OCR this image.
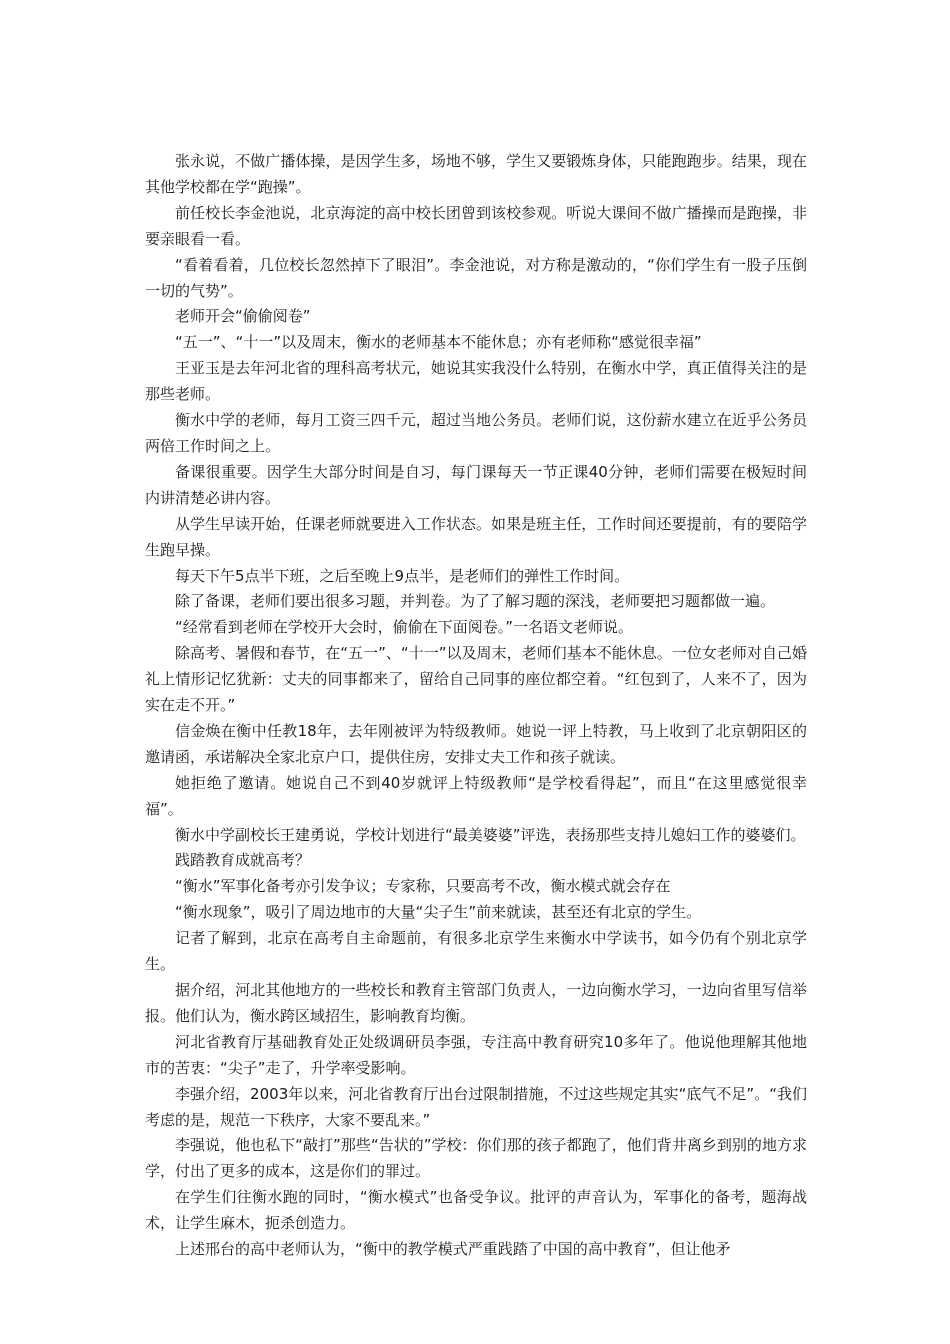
张永说，不做广播体操，是因学生多，场地不够，学生又要锻炼身体，只能跑跑步。结果，现在其他学校都在学“跑操”。

前任校长李金池说，北京海淀的高中校长团曾到该校参观。听说大课间不做广播操而是跑操，非要亲眼看一看。

“看着看着，几位校长忽然掉下了眼泪”。李金池说，对方称是激动的，“你们学生有一股子压倒一切的气势”。

老师开会“偷偷阅卷”

“五一”、“十一”以及周末，衡水的老师基本不能休息；亦有老师称“感觉很幸福”

王亚玉是去年河北省的理科高考状元，她说其实我没什么特别，在衡水中学，真正值得关注的是那些老师。

衡水中学的老师，每月工资三四千元，超过当地公务员。老师们说，这份薪水建立在近乎公务员两倍工作时间之上。

备课很重要。因学生大部分时间是自习，每门课每天一节正课40分钟，老师们需要在极短时间内讲清楚必讲内容。

从学生早读开始，任课老师就要进入工作状态。如果是班主任，工作时间还要提前，有的要陪学生跑早操。

每天下午5点半下班，之后至晚上9点半，是老师们的弹性工作时间。

除了备课，老师们要出很多习题，并判卷。为了了解习题的深浅，老师要把习题都做一遍。

“经常看到老师在学校开大会时，偷偷在下面阅卷。”一名语文老师说。

除高考、暑假和春节，在“五一”、“十一”以及周末，老师们基本不能休息。一位女老师对自己婚礼上情形记忆犹新：丈夫的同事都来了，留给自己同事的座位都空着。“红包到了，人来不了，因为实在走不开。”

信金焕在衡中任教18年，去年刚被评为特级教师。她说一评上特教，马上收到了北京朝阳区的邀请函，承诺解决全家北京户口，提供住房，安排丈夫工作和孩子就读。

她拒绝了邀请。她说自己不到40岁就评上特级教师“是学校看得起”，而且“在这里感觉很幸福”。

衡水中学副校长王建勇说，学校计划进行“最美婆婆”评选，表扬那些支持儿媳妇工作的婆婆们。

践踏教育成就高考？

“衡水”军事化备考亦引发争议；专家称，只要高考不改，衡水模式就会存在

“衡水现象”，吸引了周边地市的大量“尖子生”前来就读，甚至还有北京的学生。

记者了解到，北京在高考自主命题前，有很多北京学生来衡水中学读书，如今仍有个别北京学生。

据介绍，河北其他地方的一些校长和教育主管部门负责人，一边向衡水学习，一边向省里写信举报。他们认为，衡水跨区域招生，影响教育均衡。

河北省教育厅基础教育处正处级调研员李强，专注高中教育研究10多年了。他说他理解其他地市的苦衷：“尖子”走了，升学率受影响。

李强介绍，2003年以来，河北省教育厅出台过限制措施，不过这些规定其实“底气不足”。“我们考虑的是，规范一下秩序，大家不要乱来。”

李强说，他也私下“敲打”那些“告状的”学校：你们那的孩子都跑了，他们背井离乡到别的地方求学，付出了更多的成本，这是你们的罪过。

在学生们往衡水跑的同时，“衡水模式”也备受争议。批评的声音认为，军事化的备考，题海战术，让学生麻木，扼杀创造力。

上述邢台的高中老师认为，“衡中的教学模式严重践踏了中国的高中教育”，但让他矛
